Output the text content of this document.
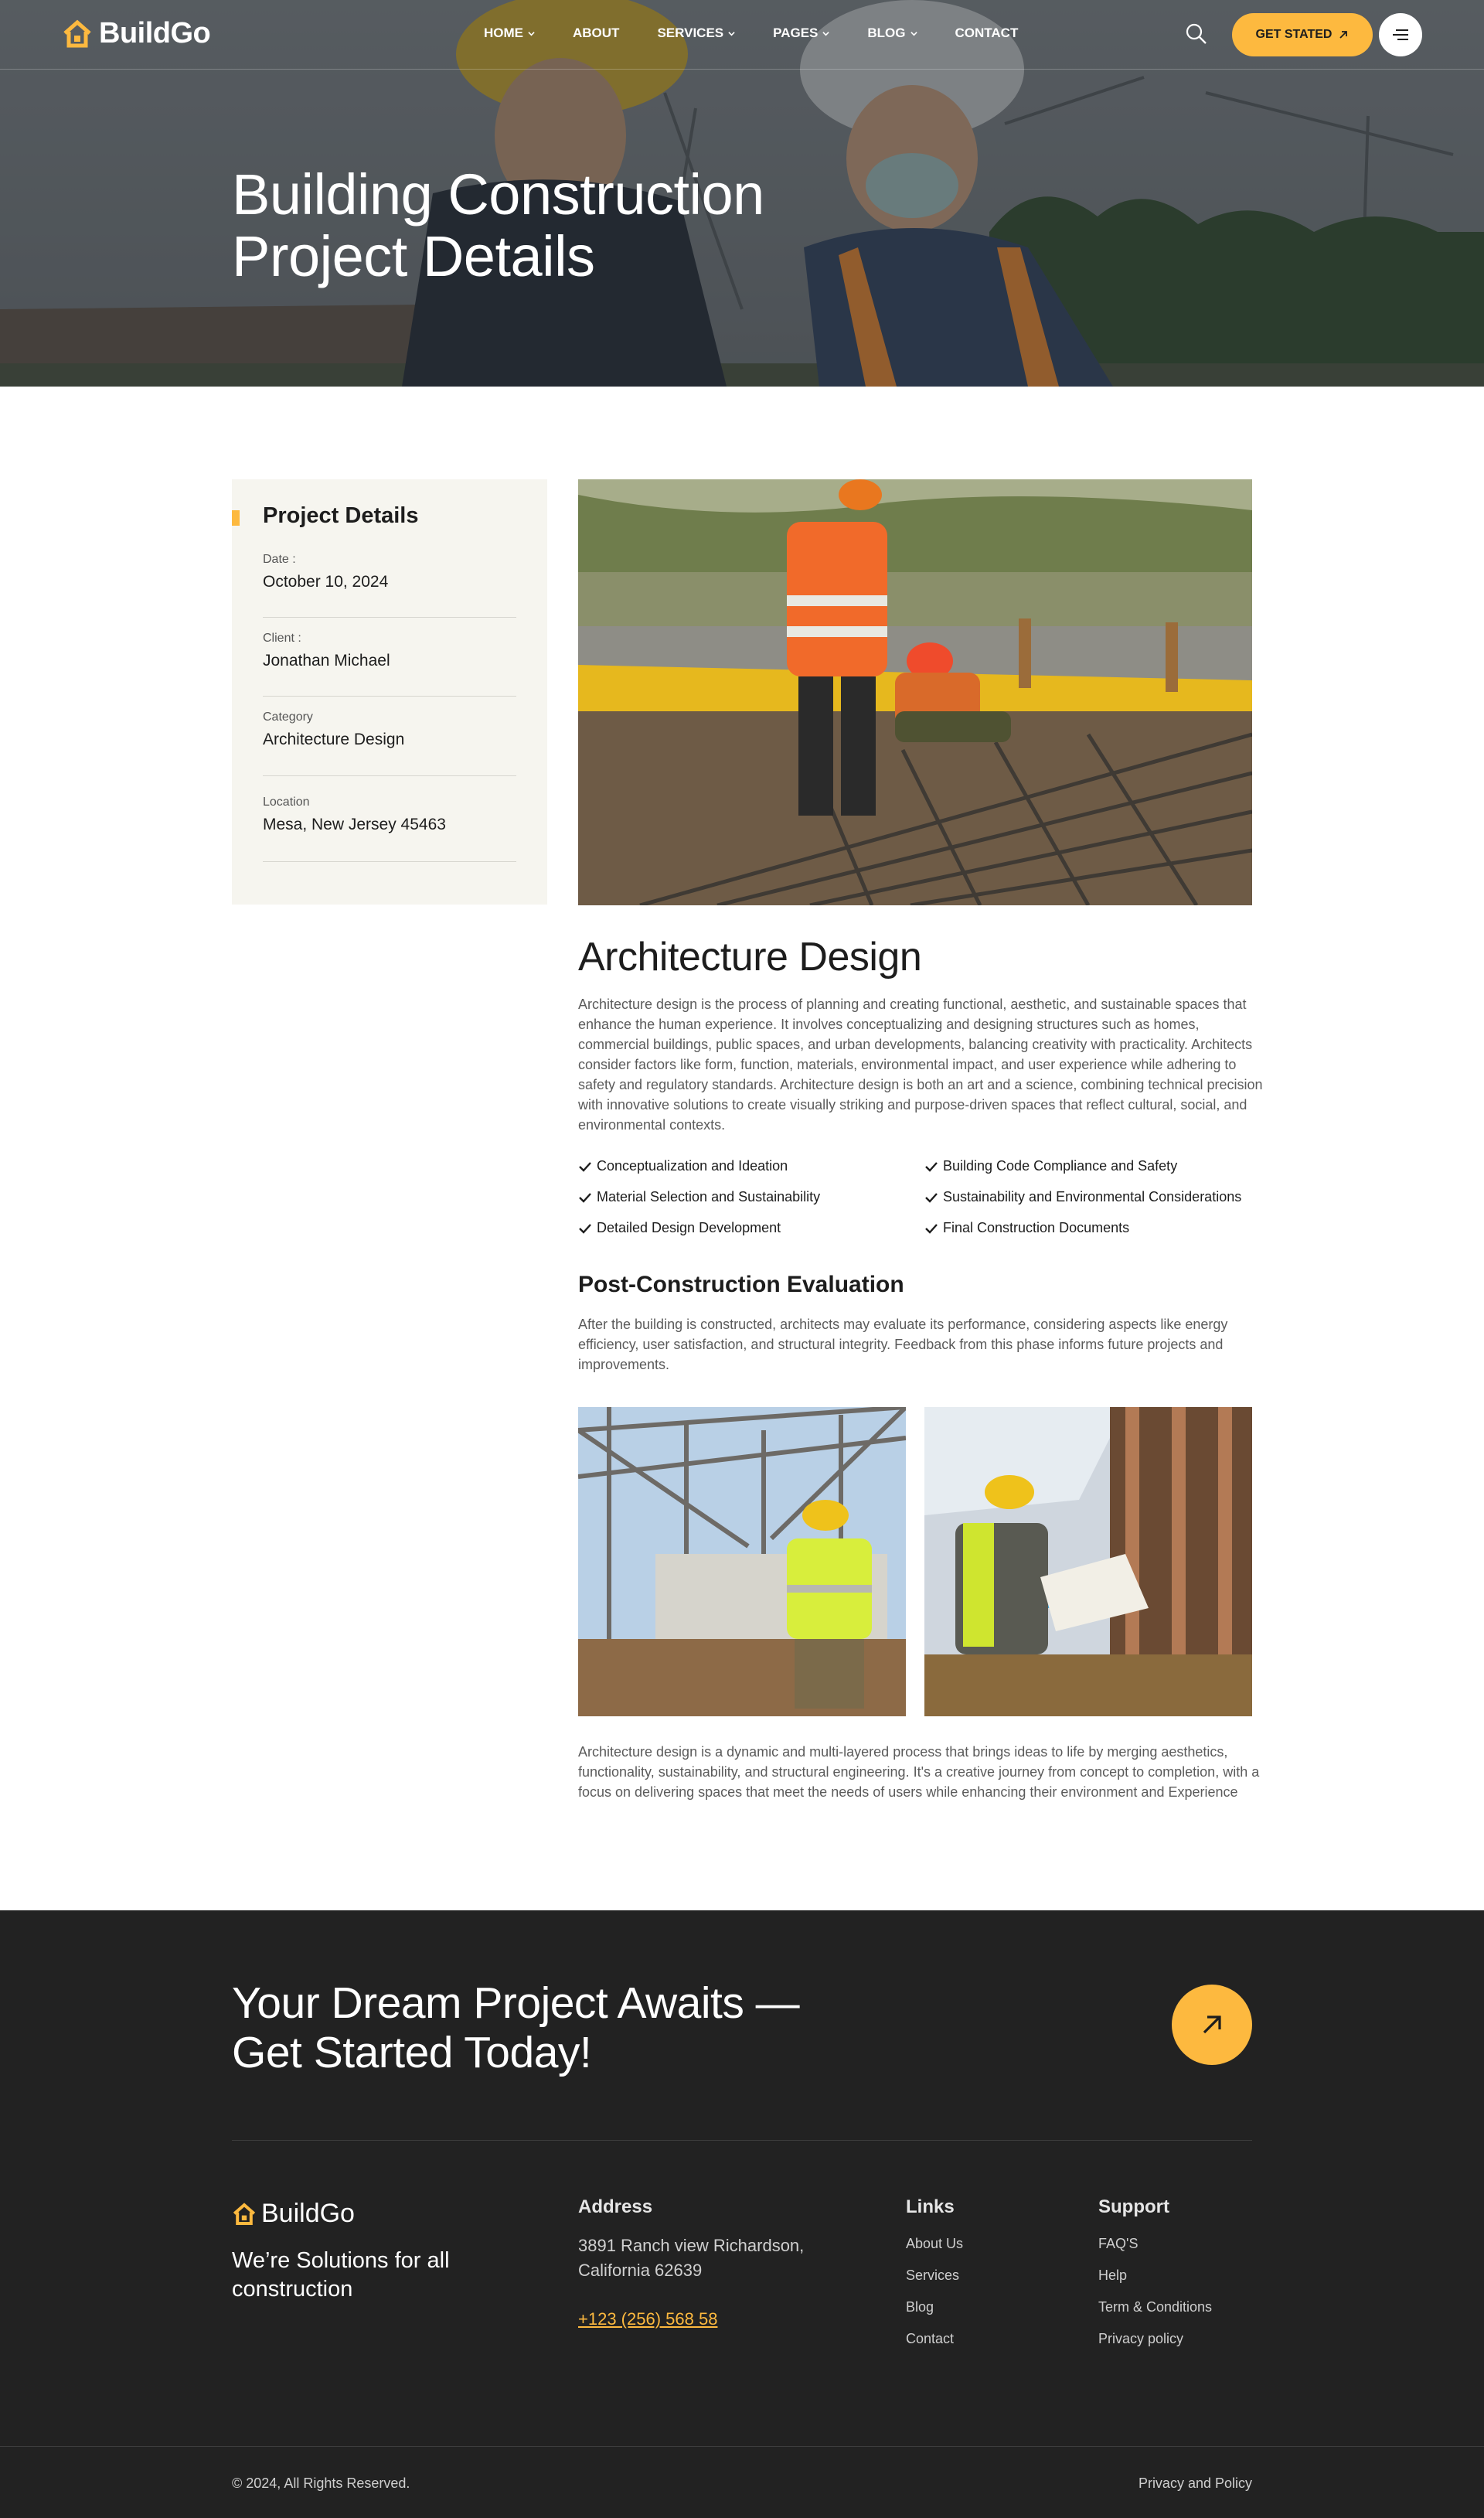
BuildGo	HOME	ABOUT	SERVICES	PAGES	BLOG	CONTACT	GET STATED
Building Construction
Project Details
Project Details
Date :
October 10, 2024
Client :
Jonathan Michael
Category
Architecture Design
Location
Mesa, New Jersey 45463
Architecture Design

Architecture design is the process of planning and creating functional, aesthetic, and sustainable spaces that enhance the human experience. It involves conceptualizing and designing structures such as homes, commercial buildings, public spaces, and urban developments, balancing creativity with practicality. Architects consider factors like form, function, materials, environmental impact, and user experience while adhering to safety and regulatory standards. Architecture design is both an art and a science, combining technical precision with innovative solutions to create visually striking and purpose-driven spaces that reflect cultural, social, and environmental contexts.

Conceptualization and Ideation	Building Code Compliance and Safety
Material Selection and Sustainability	Sustainability and Environmental Considerations
Detailed Design Development	Final Construction Documents
Post-Construction Evaluation

After the building is constructed, architects may evaluate its performance, considering aspects like energy efficiency, user satisfaction, and structural integrity. Feedback from this phase informs future projects and improvements.

Architecture design is a dynamic and multi-layered process that brings ideas to life by merging aesthetics, functionality, sustainability, and structural engineering. It's a creative journey from concept to completion, with a focus on delivering spaces that meet the needs of users while enhancing their environment and Experience

Your Dream Project Awaits —
Get Started Today!
BuildGo

We’re Solutions for all construction

Address

3891 Ranch view Richardson, California 62639

+123 (256) 568 58
Links
About Us
Services
Blog
Contact
Support
FAQ'S
Help
Term & Conditions
Privacy policy
© 2024, All Rights Reserved.	Privacy and Policy
